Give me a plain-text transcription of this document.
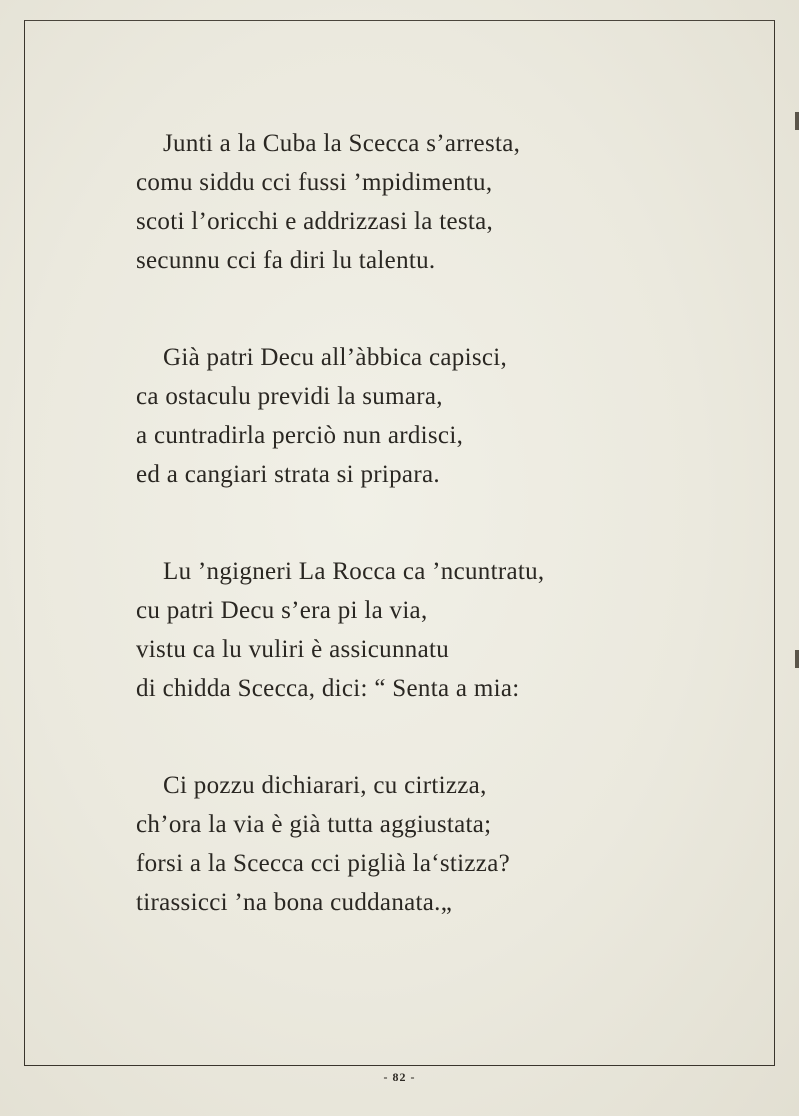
Junti a la Cuba la Scecca s’arresta,
comu siddu cci fussi ’mpidimentu,
scoti l’oricchi e addrizzasi la testa,
secunnu cci fa diri lu talentu.
Già patri Decu all’àbbica capisci,
ca ostaculu previdi la sumara,
a cuntradirla perciò nun ardisci,
ed a cangiari strata si pripara.
Lu ’ngigneri La Rocca ca ’ncuntratu,
cu patri Decu s’era pi la via,
vistu ca lu vuliri è assicunnatu
di chidda Scecca, dici: “ Senta a mia:
Ci pozzu dichiarari, cu cirtizza,
ch’ora la via è già tutta aggiustata;
forsi a la Scecca cci piglià la‘stizza?
tirassicci ’na bona cuddanata.„
- 82 -
